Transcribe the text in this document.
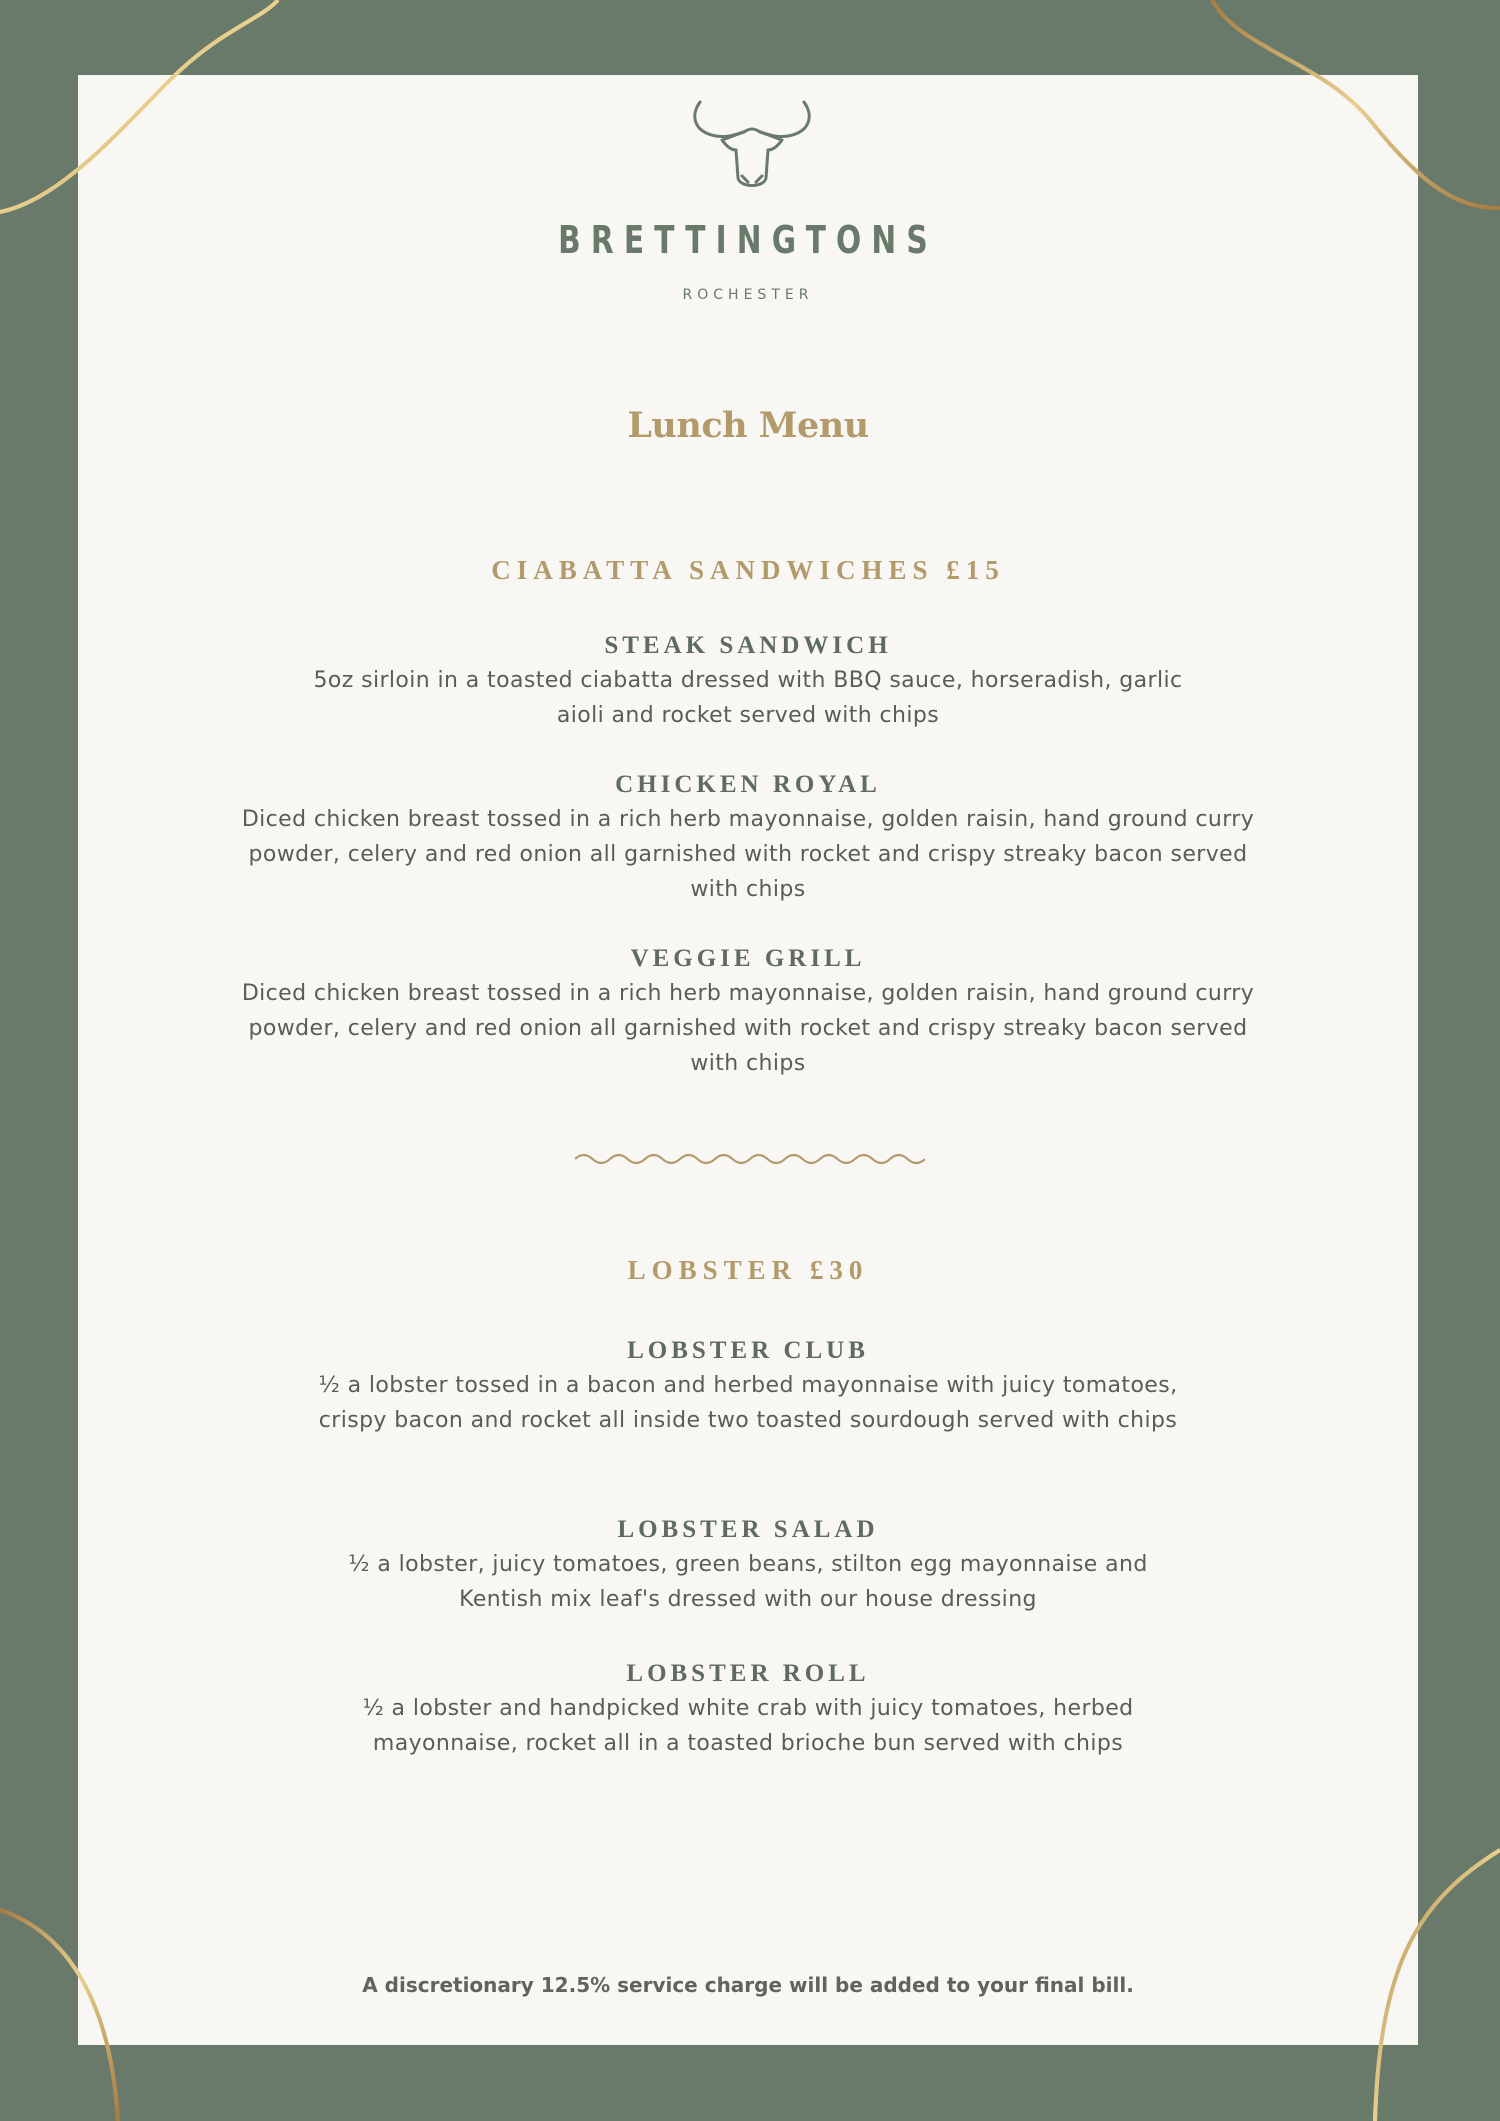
BRETTINGTONS
ROCHESTER
Lunch Menu
CIABATTA SANDWICHES £15
STEAK SANDWICH
5oz sirloin in a toasted ciabatta dressed with BBQ sauce, horseradish, garlic aioli and rocket served with chips
CHICKEN ROYAL
Diced chicken breast tossed in a rich herb mayonnaise, golden raisin, hand ground curry powder, celery and red onion all garnished with rocket and crispy streaky bacon served with chips
VEGGIE GRILL
Diced chicken breast tossed in a rich herb mayonnaise, golden raisin, hand ground curry powder, celery and red onion all garnished with rocket and crispy streaky bacon served with chips
LOBSTER £30
LOBSTER CLUB
½ a lobster tossed in a bacon and herbed mayonnaise with juicy tomatoes, crispy bacon and rocket all inside two toasted sourdough served with chips
LOBSTER SALAD
½ a lobster, juicy tomatoes, green beans, stilton egg mayonnaise and Kentish mix leaf's dressed with our house dressing
LOBSTER ROLL
½ a lobster and handpicked white crab with juicy tomatoes, herbed mayonnaise, rocket all in a toasted brioche bun served with chips
A discretionary 12.5% service charge will be added to your final bill.
